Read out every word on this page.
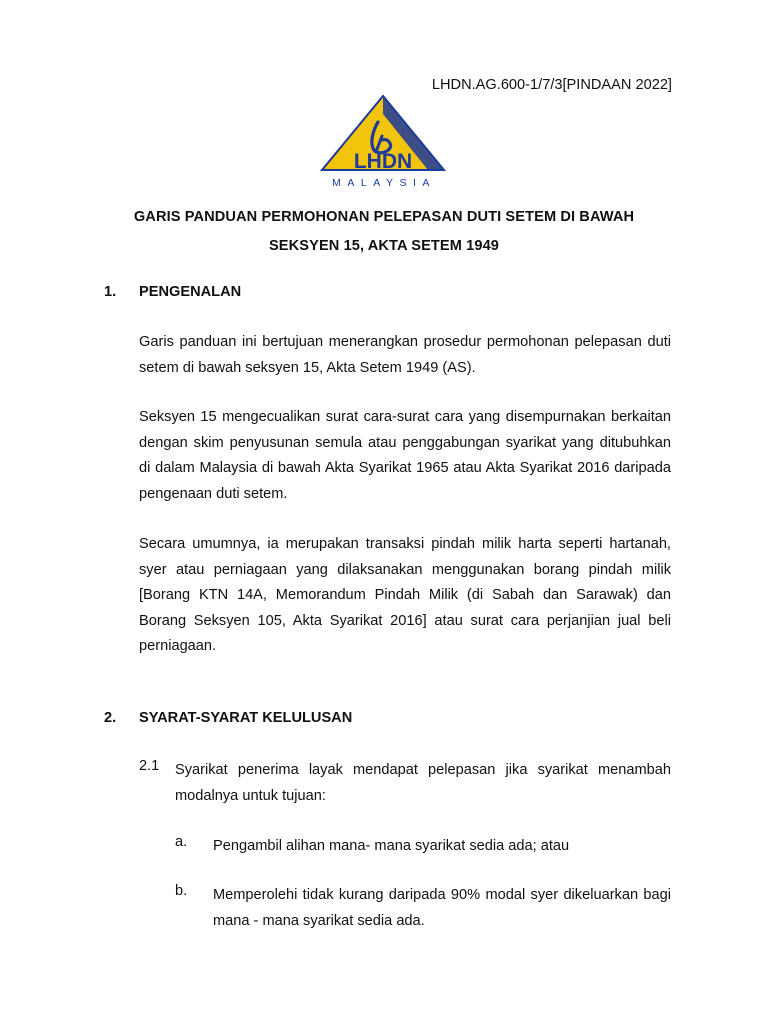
LHDN.AG.600-1/7/3[PINDAAN 2022]
LHDN
MALAYSIA
GARIS PANDUAN PERMOHONAN PELEPASAN DUTI SETEM DI BAWAH
SEKSYEN 15, AKTA SETEM 1949
1. PENGENALAN
Garis panduan ini bertujuan menerangkan prosedur permohonan pelepasan duti setem di bawah seksyen 15, Akta Setem 1949 (AS).
Seksyen 15 mengecualikan surat cara-surat cara yang disempurnakan berkaitan dengan skim penyusunan semula atau penggabungan syarikat yang ditubuhkan di dalam Malaysia di bawah Akta Syarikat 1965 atau Akta Syarikat 2016 daripada pengenaan duti setem.
Secara umumnya, ia merupakan transaksi pindah milik harta seperti hartanah, syer atau perniagaan yang dilaksanakan menggunakan borang pindah milik [Borang KTN 14A, Memorandum Pindah Milik (di Sabah dan Sarawak) dan Borang Seksyen 105, Akta Syarikat 2016] atau surat cara perjanjian jual beli perniagaan.
2. SYARAT-SYARAT KELULUSAN
2.1 Syarikat penerima layak mendapat pelepasan jika syarikat menambah modalnya untuk tujuan:
a. Pengambil alihan mana- mana syarikat sedia ada; atau
b. Memperolehi tidak kurang daripada 90% modal syer dikeluarkan bagi mana - mana syarikat sedia ada.
